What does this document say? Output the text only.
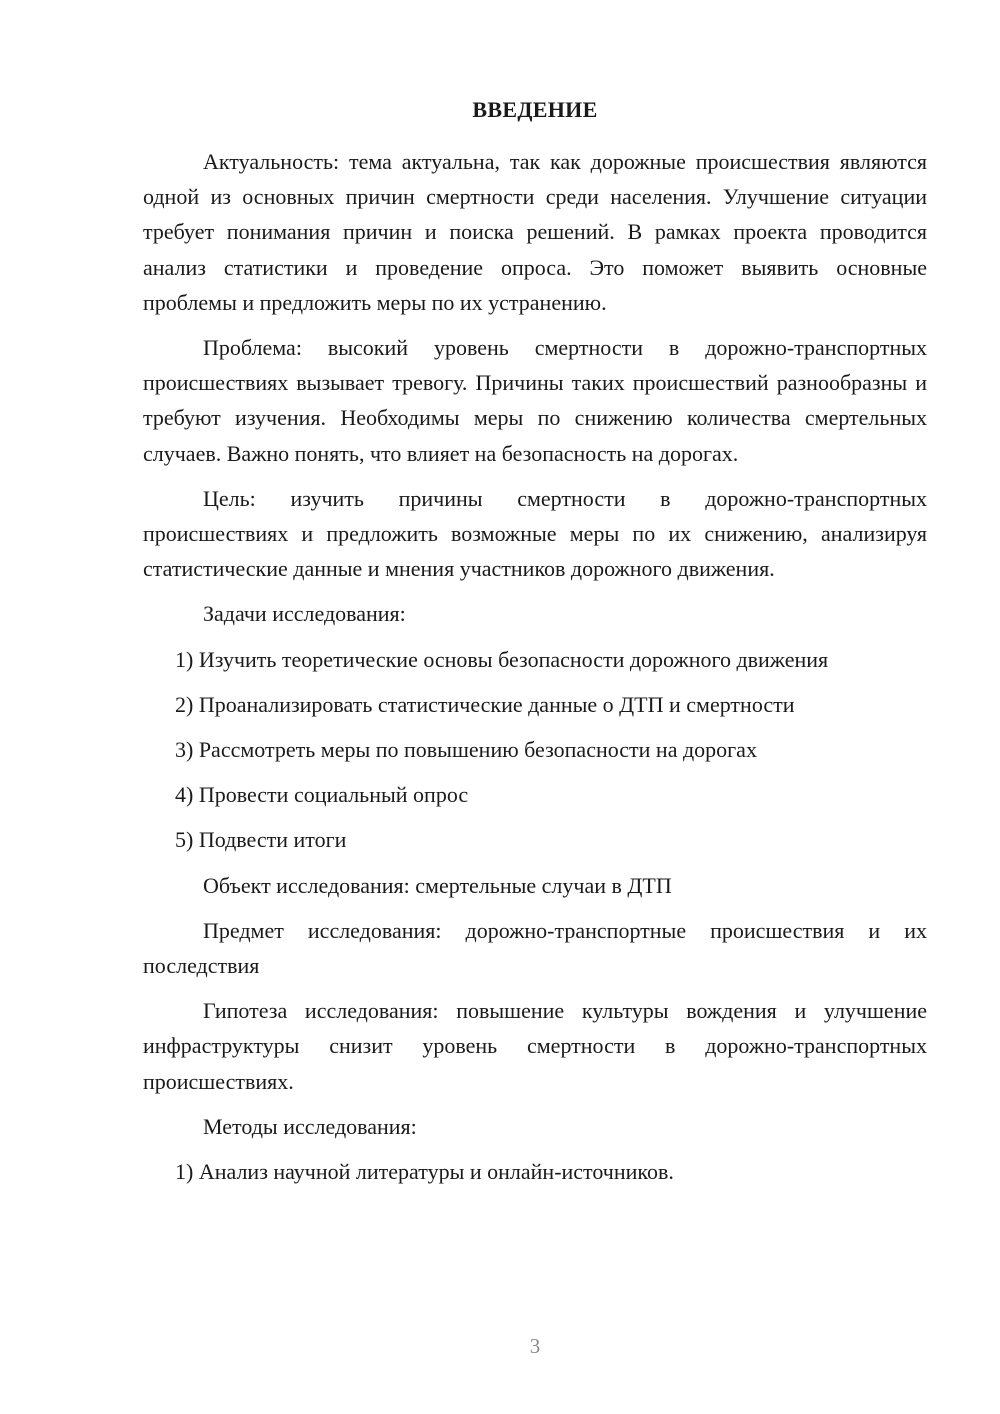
ВВЕДЕНИЕ

Актуальность: тема актуальна, так как дорожные происшествия являются одной из основных причин смертности среди населения. Улучшение ситуации требует понимания причин и поиска решений. В рамках проекта проводится анализ статистики и проведение опроса. Это поможет выявить основные проблемы и предложить меры по их устранению.

Проблема: высокий уровень смертности в дорожно-транспортных происшествиях вызывает тревогу. Причины таких происшествий разнообразны и требуют изучения. Необходимы меры по снижению количества смертельных случаев. Важно понять, что влияет на безопасность на дорогах.

Цель: изучить причины смертности в дорожно-транспортных происшествиях и предложить возможные меры по их снижению, анализируя статистические данные и мнения участников дорожного движения.

Задачи исследования:

1) Изучить теоретические основы безопасности дорожного движения
2) Проанализировать статистические данные о ДТП и смертности
3) Рассмотреть меры по повышению безопасности на дорогах
4) Провести социальный опрос
5) Подвести итоги

Объект исследования: смертельные случаи в ДТП

Предмет исследования: дорожно-транспортные происшествия и их последствия

Гипотеза исследования: повышение культуры вождения и улучшение инфраструктуры снизит уровень смертности в дорожно-транспортных происшествиях.

Методы исследования:

1) Анализ научной литературы и онлайн-источников.
3
